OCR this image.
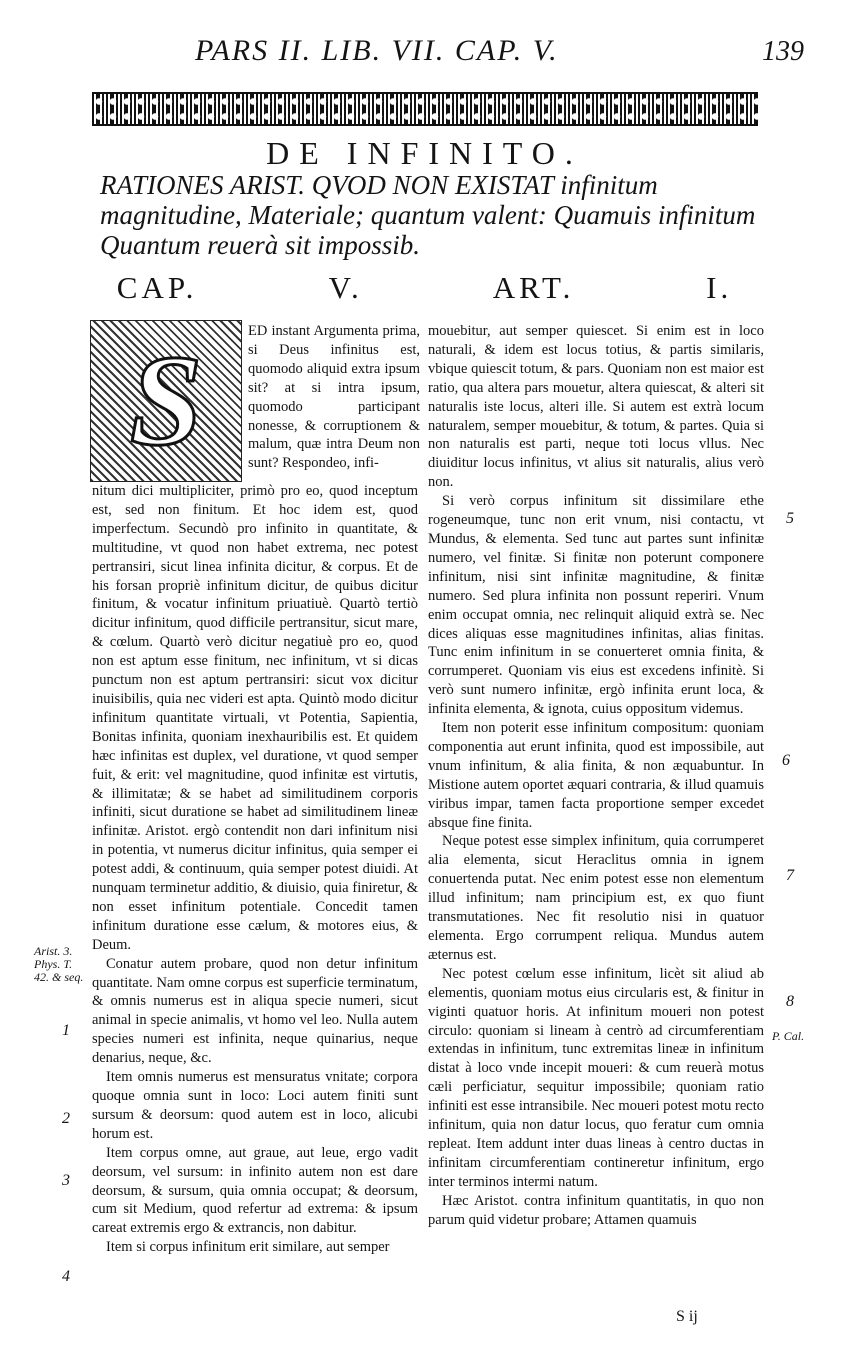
PARS II. LIB. VII. CAP. V.	139
DE INFINITO.
RATIONES ARIST. QVOD NON EXISTAT infinitum magnitudine, Materiale; quantum valent: Quamuis infinitum Quantum reuerà sit impossib.
CAP. V. ART. I.
S	ED instant Argumenta prima, si Deus infinitus est, quomodo aliquid extra ipsum sit? at si intra ipsum, quomodo participant nonesse, & corruptionem & malum, quæ intra Deum non sunt? Respondeo, infi-

nitum dici multipliciter, primò pro eo, quod inceptum est, sed non finitum. Et hoc idem est, quod imperfectum. Secundò pro infinito in quantitate, & multitudine, vt quod non habet extrema, nec potest pertransiri, sicut linea infinita dicitur, & corpus. Et de his forsan propriè infinitum dicitur, de quibus dicitur finitum, & vocatur infinitum priuatiuè. Quartò tertiò dicitur infinitum, quod difficile pertransitur, sicut mare, & cœlum. Quartò verò dicitur negatiuè pro eo, quod non est aptum esse finitum, nec infinitum, vt si dicas punctum non est aptum pertransiri: sicut vox dicitur inuisibilis, quia nec videri est apta. Quintò modo dicitur infinitum quantitate virtuali, vt Potentia, Sapientia, Bonitas infinita, quoniam inexhauribilis est. Et quidem hæc infinitas est duplex, vel duratione, vt quod semper fuit, & erit: vel magnitudine, quod infinitæ est virtutis, & illimitatæ; & se habet ad similitudinem corporis infiniti, sicut duratione se habet ad similitudinem lineæ infinitæ. Aristot. ergò contendit non dari infinitum nisi in potentia, vt numerus dicitur infinitus, quia semper ei potest addi, & continuum, quia semper potest diuidi. At nunquam terminetur additio, & diuisio, quia finiretur, & non esset infinitum potentiale. Concedit tamen infinitum duratione esse cælum, & motores eius, & Deum.

Conatur autem probare, quod non detur infinitum quantitate. Nam omne corpus est superficie terminatum, & omnis numerus est in aliqua specie numeri, sicut animal in specie animalis, vt homo vel leo. Nulla autem species numeri est infinita, neque quinarius, neque denarius, neque, &c.

Item omnis numerus est mensuratus vnitate; corpora quoque omnia sunt in loco: Loci autem finiti sunt sursum & deorsum: quod autem est in loco, alicubi horum est.

Item corpus omne, aut graue, aut leue, ergo vadit deorsum, vel sursum: in infinito autem non est dare deorsum, & sursum, quia omnia occupat; & deorsum, cum sit Medium, quod refertur ad extrema: & ipsum careat extremis ergo & extrancis, non dabitur.

Item si corpus infinitum erit similare, aut semper

mouebitur, aut semper quiescet. Si enim est in loco naturali, & idem est locus totius, & partis similaris, vbique quiescit totum, & pars. Quoniam non est maior est ratio, qua altera pars mouetur, altera quiescat, & alteri sit naturalis iste locus, alteri ille. Si autem est extrà locum naturalem, semper mouebitur, & totum, & partes. Quia si non naturalis est parti, neque toti locus vllus. Nec diuiditur locus infinitus, vt alius sit naturalis, alius verò non.

Si verò corpus infinitum sit dissimilare ethe rogeneumque, tunc non erit vnum, nisi contactu, vt Mundus, & elementa. Sed tunc aut partes sunt infinitæ numero, vel finitæ. Si finitæ non poterunt componere infinitum, nisi sint infinitæ magnitudine, & finitæ numero. Sed plura infinita non possunt reperiri. Vnum enim occupat omnia, nec relinquit aliquid extrà se. Nec dices aliquas esse magnitudines infinitas, alias finitas. Tunc enim infinitum in se conuerteret omnia finita, & corrumperet. Quoniam vis eius est excedens infinitè. Si verò sunt numero infinitæ, ergò infinita erunt loca, & infinita elementa, & ignota, cuius oppositum videmus.

Item non poterit esse infinitum compositum: quoniam componentia aut erunt infinita, quod est impossibile, aut vnum infinitum, & alia finita, & non æquabuntur. In Mistione autem oportet æquari contraria, & illud quamuis viribus impar, tamen facta proportione semper excedet absque fine finita.

Neque potest esse simplex infinitum, quia corrumperet alia elementa, sicut Heraclitus omnia in ignem conuertenda putat. Nec enim potest esse non elementum illud infinitum; nam principium est, ex quo fiunt transmutationes. Nec fit resolutio nisi in quatuor elementa. Ergo corrumpent reliqua. Mundus autem æternus est.

Nec potest cœlum esse infinitum, licèt sit aliud ab elementis, quoniam motus eius circularis est, & finitur in viginti quatuor horis. At infinitum moueri non potest circulo: quoniam si lineam à centrò ad circumferentiam extendas in infinitum, tunc extremitas lineæ in infinitum distat à loco vnde incepit moueri: & cum reuerà motus cæli perficiatur, sequitur impossibile; quoniam ratio infiniti est esse intransibile. Nec moueri potest motu recto infinitum, quia non datur locus, quo feratur cum omnia repleat. Item addunt inter duas lineas à centro ductas in infinitam circumferentiam contineretur infinitum, ergo inter terminos intermi natum.

Hæc Aristot. contra infinitum quantitatis, in quo non parum quid videtur probare; Attamen quamuis

Arist. 3. Phys. T. 42. & seq.
1
2
3
4
5
6
7
8
P. Cal.
S ij
